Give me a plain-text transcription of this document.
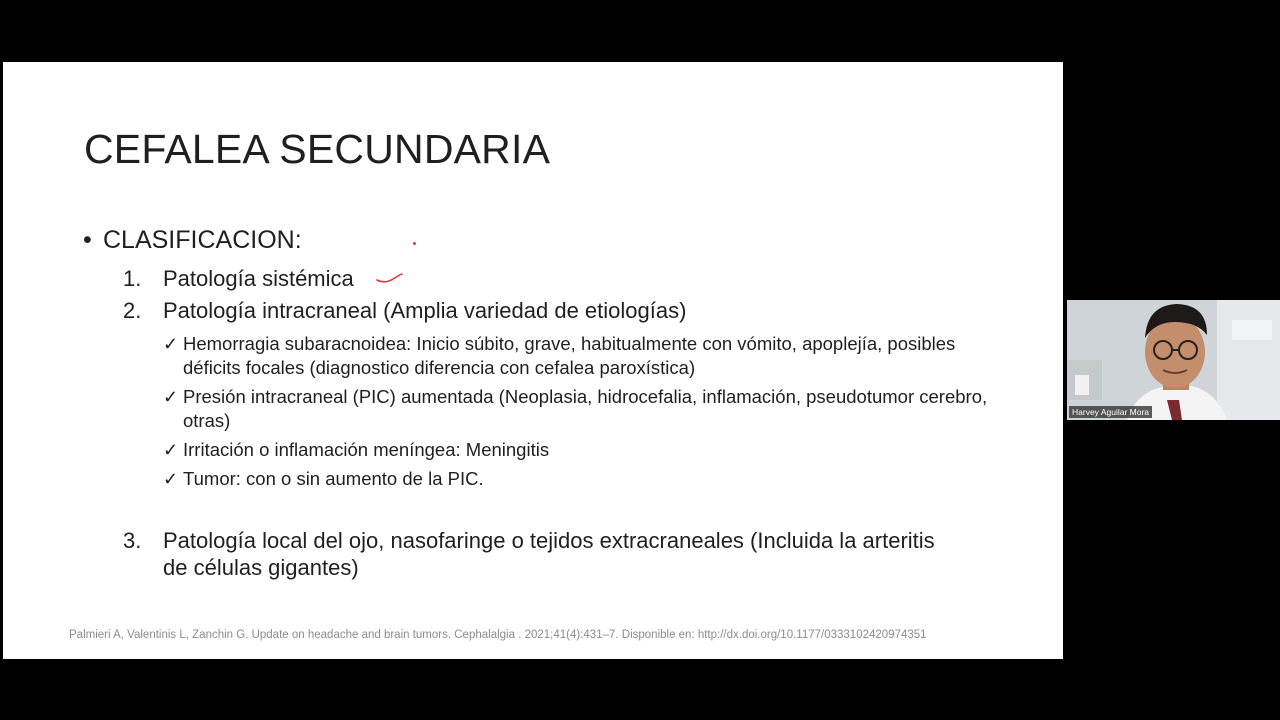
CEFALEA SECUNDARIA
• CLASIFICACION:
1. Patología sistémica
2. Patología intracraneal (Amplia variedad de etiologías)
✓ Hemorragia subaracnoidea: Inicio súbito, grave, habitualmente con vómito, apoplejía, posibles déficits focales (diagnostico diferencia con cefalea paroxística)
✓ Presión intracraneal (PIC) aumentada (Neoplasia, hidrocefalia, inflamación, pseudotumor cerebro, otras)
✓ Irritación o inflamación meníngea: Meningitis
✓ Tumor: con o sin aumento de la PIC.
3. Patología local del ojo, nasofaringe o tejidos extracraneales (Incluida la arteritis de células gigantes)
Palmieri A, Valentinis L, Zanchin G. Update on headache and brain tumors. Cephalalgia . 2021;41(4):431–7. Disponible en: http://dx.doi.org/10.1177/0333102420974351
Harvey Aguilar Mora
